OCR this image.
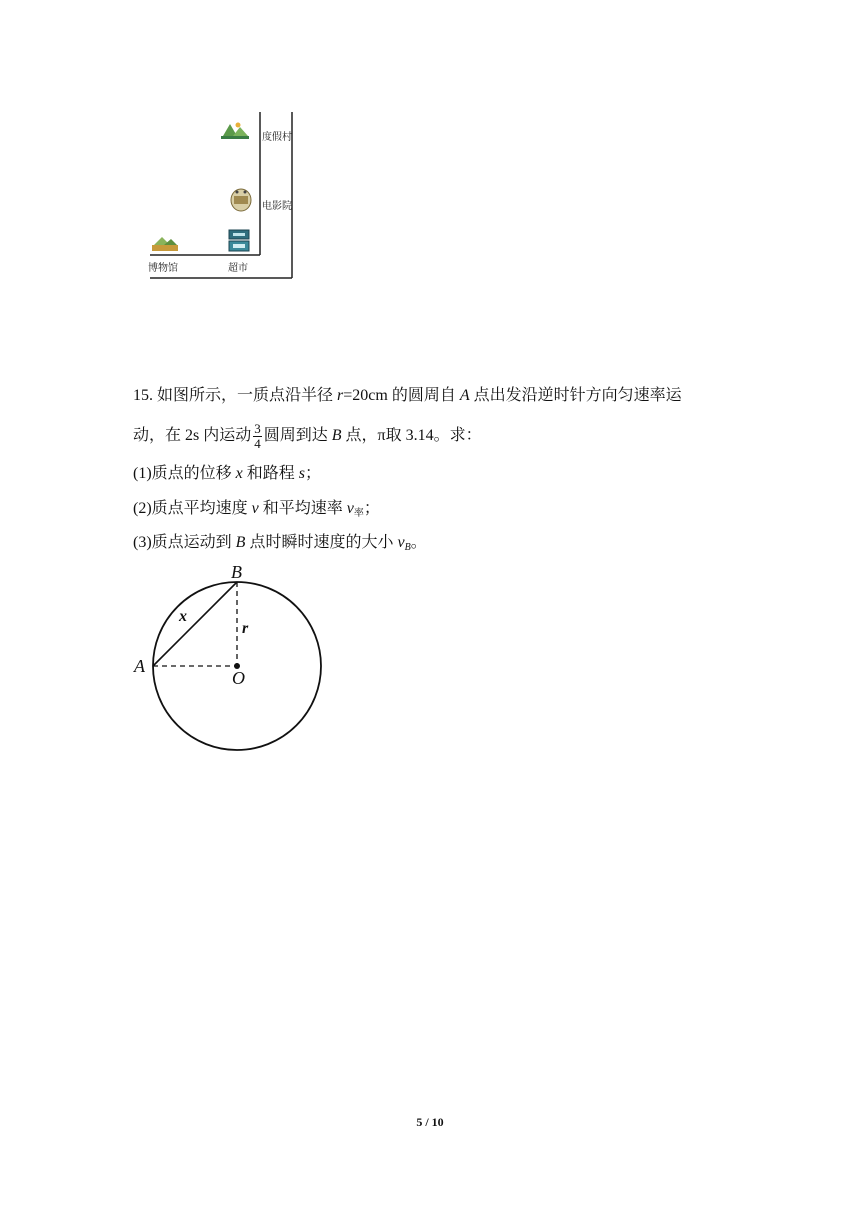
度假村
电影院
博物馆	超市
15. 如图所示，一质点沿半径 r=20cm 的圆周自 A 点出发沿逆时针方向匀速率运
动，在 2s 内运动 $\frac{3}{4}$ 圆周到达 B 点，π取 3.14。求：
(1)质点的位移 x 和路程 s；
(2)质点平均速度 v 和平均速率 $v_率$；
(3)质点运动到 B 点时瞬时速度的大小 $v_B$。
A
B
O
x
r
5 / 10
